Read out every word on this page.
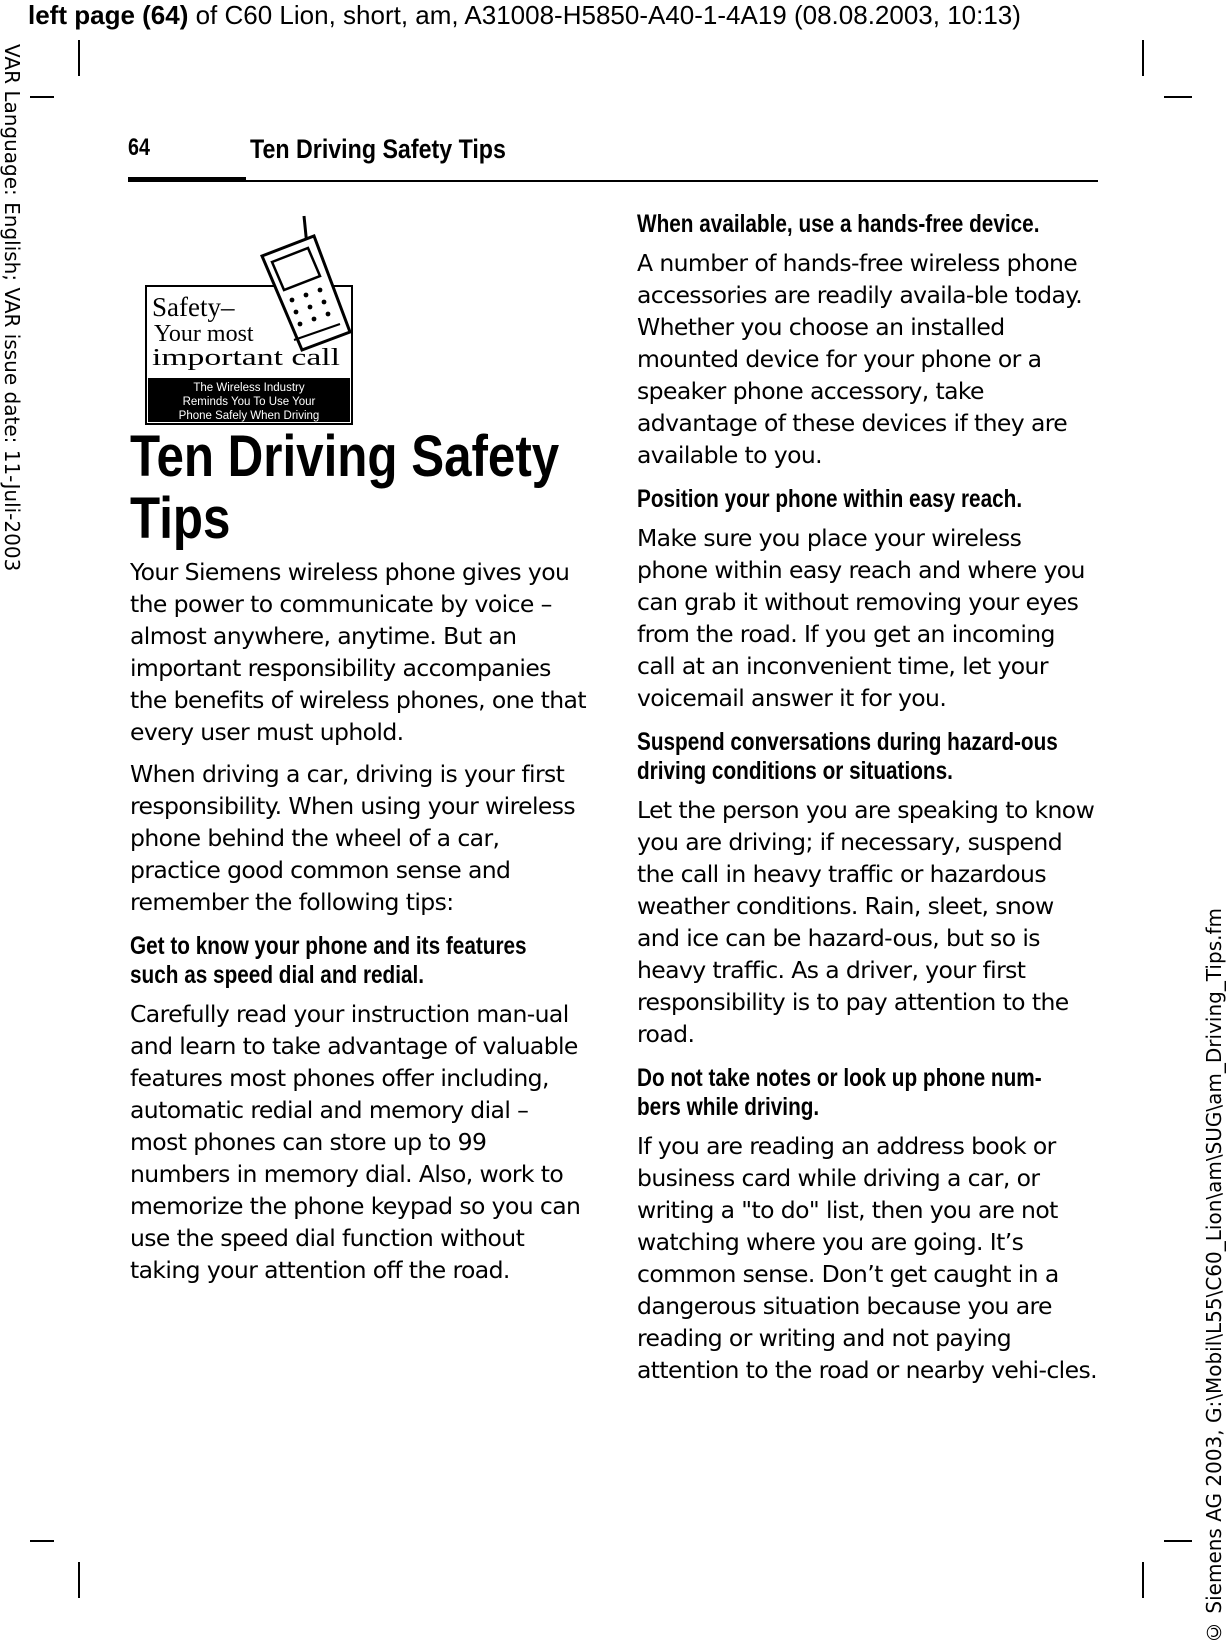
left page (64) of C60 Lion, short, am, A31008-H5850-A40-1-4A19 (08.08.2003, 10:13)
VAR Language: English; VAR issue date: 11-Juli-2003
© Siemens AG 2003, G:\Mobil\L55\C60_Lion\am\SUG\am_Driving_Tips.fm
64	Ten Driving Safety Tips
Safety–
Your most
important call
The Wireless Industry
Reminds You To Use Your
Phone Safely When Driving
Ten Driving Safety Tips

Your Siemens wireless phone gives you the power to communicate by voice – almost anywhere, anytime. But an important responsibility accompanies the benefits of wireless phones, one that every user must uphold.

When driving a car, driving is your first responsibility. When using your wireless phone behind the wheel of a car, practice good common sense and remember the following tips:

Get to know your phone and its features such as speed dial and redial.

Carefully read your instruction man-ual and learn to take advantage of valuable features most phones offer including, automatic redial and memory dial – most phones can store up to 99 numbers in memory dial. Also, work to memorize the phone keypad so you can use the speed dial function without taking your attention off the road.

When available, use a hands-free device.

A number of hands-free wireless phone accessories are readily availa-ble today. Whether you choose an installed mounted device for your phone or a speaker phone accessory, take advantage of these devices if they are available to you.

Position your phone within easy reach.

Make sure you place your wireless phone within easy reach and where you can grab it without removing your eyes from the road. If you get an incoming call at an inconvenient time, let your voicemail answer it for you.

Suspend conversations during hazard-ous driving conditions or situations.

Let the person you are speaking to know you are driving; if necessary, suspend the call in heavy traffic or hazardous weather conditions. Rain, sleet, snow and ice can be hazard-ous, but so is heavy traffic. As a driver, your first responsibility is to pay attention to the road.

Do not take notes or look up phone num-bers while driving.

If you are reading an address book or business card while driving a car, or writing a "to do" list, then you are not watching where you are going. It’s common sense. Don’t get caught in a dangerous situation because you are reading or writing and not paying attention to the road or nearby vehi-cles.
